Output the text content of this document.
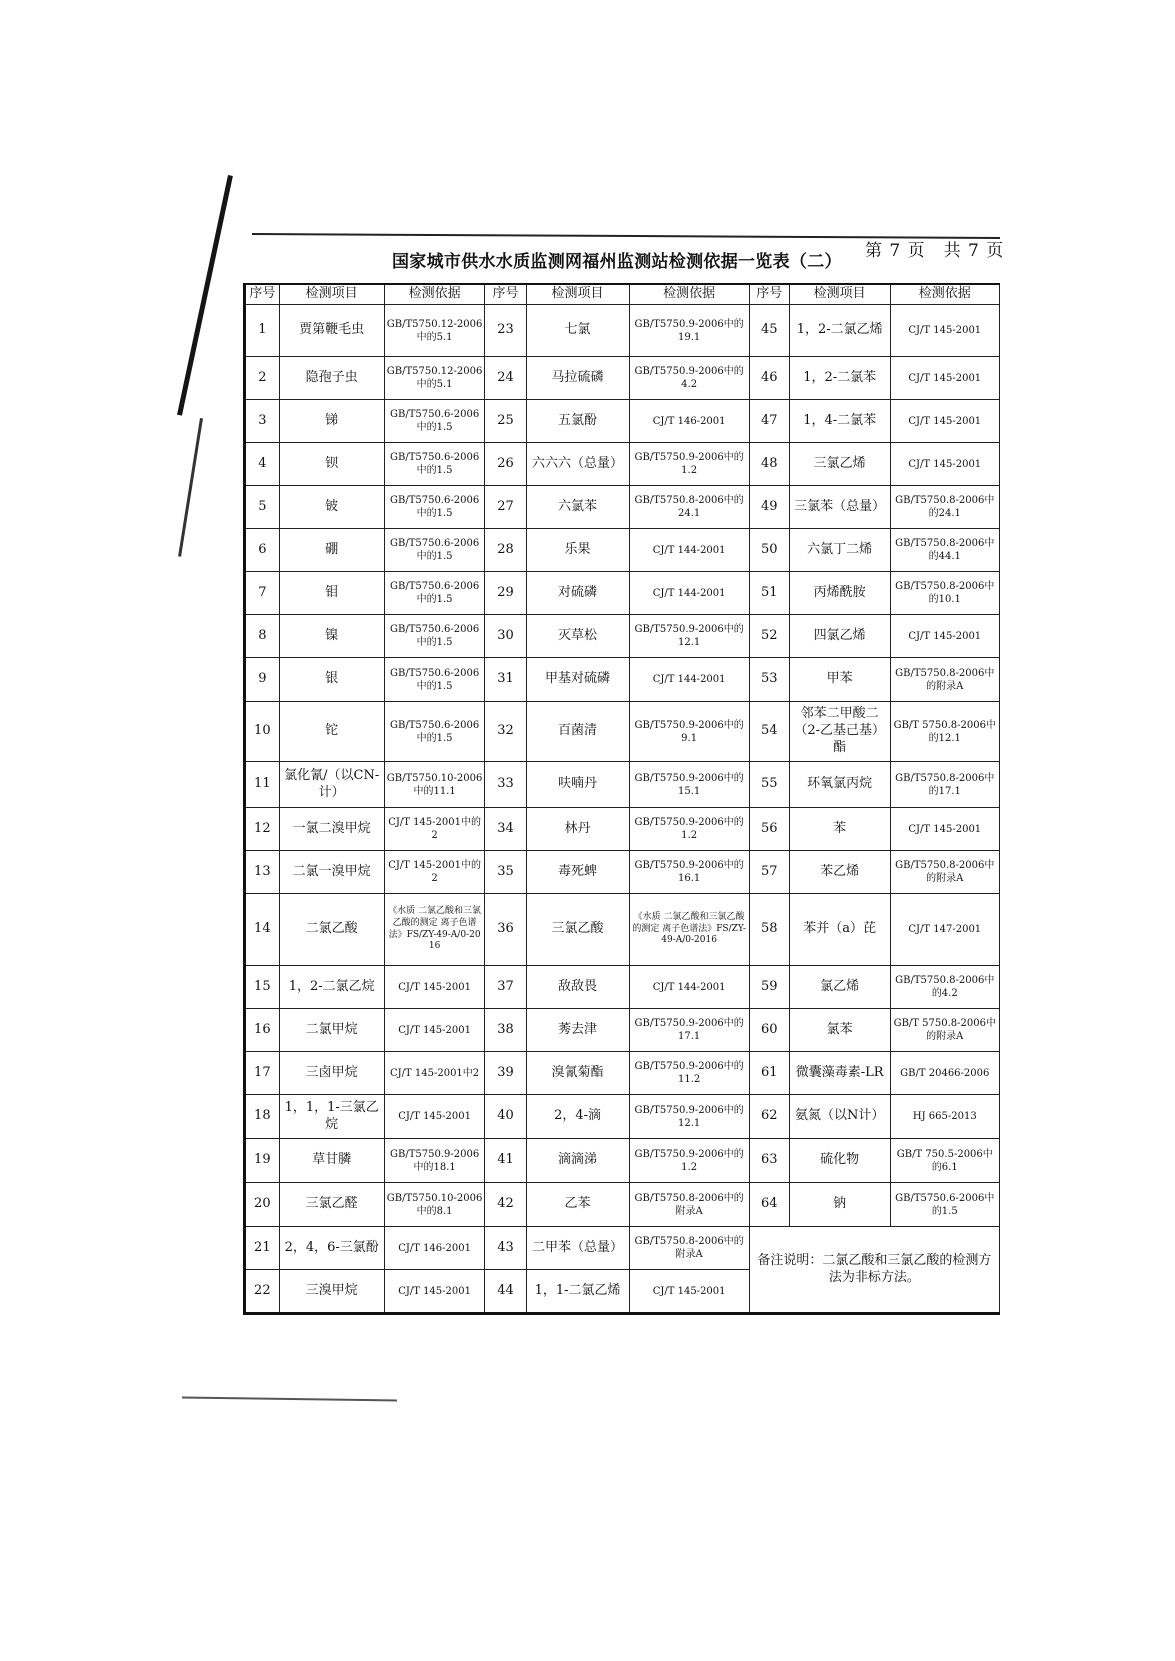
第 7 页　共 7 页
国家城市供水水质监测网福州监测站检测依据一览表（二）
序号	检测项目	检测依据	序号	检测项目	检测依据	序号	检测项目	检测依据
1	贾第鞭毛虫	GB/T5750.12-2006中的5.1	23	七氯	GB/T5750.9-2006中的19.1	45	1，2-二氯乙烯	CJ/T 145-2001
2	隐孢子虫	GB/T5750.12-2006中的5.1	24	马拉硫磷	GB/T5750.9-2006中的4.2	46	1，2-二氯苯	CJ/T 145-2001
3	锑	GB/T5750.6-2006中的1.5	25	五氯酚	CJ/T 146-2001	47	1，4-二氯苯	CJ/T 145-2001
4	钡	GB/T5750.6-2006中的1.5	26	六六六（总量）	GB/T5750.9-2006中的1.2	48	三氯乙烯	CJ/T 145-2001
5	铍	GB/T5750.6-2006中的1.5	27	六氯苯	GB/T5750.8-2006中的24.1	49	三氯苯（总量）	GB/T5750.8-2006中的24.1
6	硼	GB/T5750.6-2006中的1.5	28	乐果	CJ/T 144-2001	50	六氯丁二烯	GB/T5750.8-2006中的44.1
7	钼	GB/T5750.6-2006中的1.5	29	对硫磷	CJ/T 144-2001	51	丙烯酰胺	GB/T5750.8-2006中的10.1
8	镍	GB/T5750.6-2006中的1.5	30	灭草松	GB/T5750.9-2006中的12.1	52	四氯乙烯	CJ/T 145-2001
9	银	GB/T5750.6-2006中的1.5	31	甲基对硫磷	CJ/T 144-2001	53	甲苯	GB/T5750.8-2006中的附录A
10	铊	GB/T5750.6-2006中的1.5	32	百菌清	GB/T5750.9-2006中的9.1	54	邻苯二甲酸二（2-乙基己基）酯	GB/T 5750.8-2006中的12.1
11	氯化氰/（以CN-计）	GB/T5750.10-2006中的11.1	33	呋喃丹	GB/T5750.9-2006中的15.1	55	环氧氯丙烷	GB/T5750.8-2006中的17.1
12	一氯二溴甲烷	CJ/T 145-2001中的2	34	林丹	GB/T5750.9-2006中的1.2	56	苯	CJ/T 145-2001
13	二氯一溴甲烷	CJ/T 145-2001中的2	35	毒死蜱	GB/T5750.9-2006中的16.1	57	苯乙烯	GB/T5750.8-2006中的附录A
14	二氯乙酸	《水质 二氯乙酸和三氯乙酸的测定 离子色谱法》FS/ZY-49-A/0-2016	36	三氯乙酸	《水质 二氯乙酸和三氯乙酸的测定 离子色谱法》FS/ZY-49-A/0-2016	58	苯并（a）芘	CJ/T 147-2001
15	1，2-二氯乙烷	CJ/T 145-2001	37	敌敌畏	CJ/T 144-2001	59	氯乙烯	GB/T5750.8-2006中的4.2
16	二氯甲烷	CJ/T 145-2001	38	莠去津	GB/T5750.9-2006中的17.1	60	氯苯	GB/T 5750.8-2006中的附录A
17	三卤甲烷	CJ/T 145-2001中2	39	溴氰菊酯	GB/T5750.9-2006中的11.2	61	微囊藻毒素-LR	GB/T 20466-2006
18	1，1，1-三氯乙烷	CJ/T 145-2001	40	2，4-滴	GB/T5750.9-2006中的12.1	62	氨氮（以N计）	HJ 665-2013
19	草甘膦	GB/T5750.9-2006中的18.1	41	滴滴涕	GB/T5750.9-2006中的1.2	63	硫化物	GB/T 750.5-2006中的6.1
20	三氯乙醛	GB/T5750.10-2006中的8.1	42	乙苯	GB/T5750.8-2006中的附录A	64	钠	GB/T5750.6-2006中的1.5
21	2，4，6-三氯酚	CJ/T 146-2001	43	二甲苯（总量）	GB/T5750.8-2006中的附录A	备注说明：二氯乙酸和三氯乙酸的检测方法为非标方法。		
22	三溴甲烷	CJ/T 145-2001	44	1，1-二氯乙烯	CJ/T 145-2001			
